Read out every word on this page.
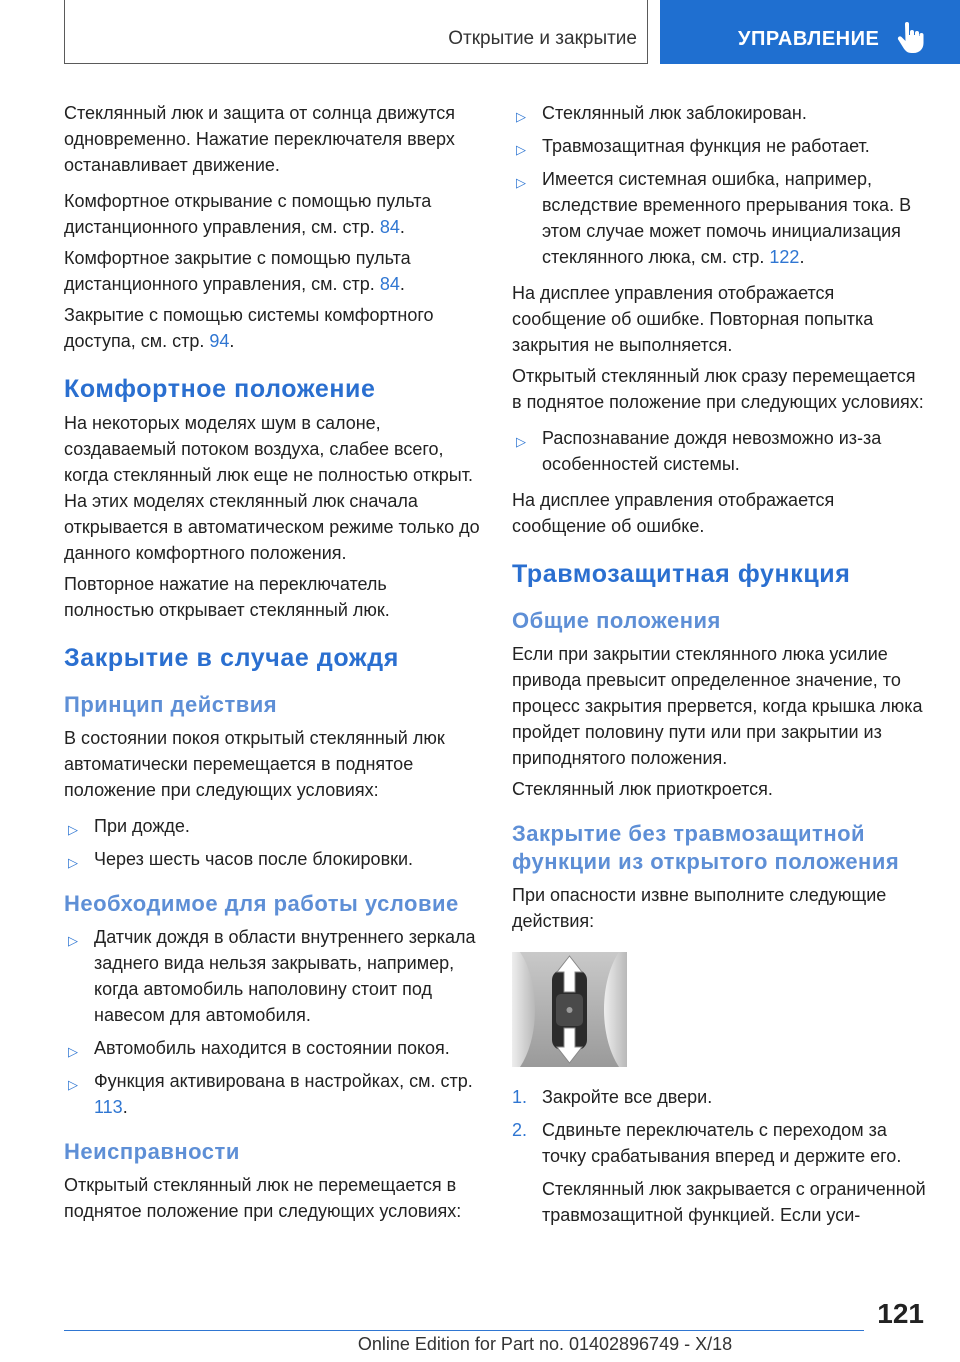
Открытие и закрытие	УПРАВЛЕНИЕ

Стеклянный люк и защита от солнца движутся одновременно. Нажатие переключателя вверх останавливает движение.

Комфортное открывание с помощью пульта дистанционного управления, см. стр. 84.

Комфортное закрытие с помощью пульта дистанционного управления, см. стр. 84.

Закрытие с помощью системы комфортного доступа, см. стр. 94.

Комфортное положение

На некоторых моделях шум в салоне, создаваемый потоком воздуха, слабее всего, когда стеклянный люк еще не полностью открыт. На этих моделях стеклянный люк сначала открывается в автоматическом режиме только до данного комфортного положения.

Повторное нажатие на переключатель полностью открывает стеклянный люк.

Закрытие в случае дождя
Принцип действия

В состоянии покоя открытый стеклянный люк автоматически перемещается в поднятое положение при следующих условиях:

▷ При дожде.
▷ Через шесть часов после блокировки.
Необходимое для работы условие
▷ Датчик дождя в области внутреннего зеркала заднего вида нельзя закрывать, например, когда автомобиль наполовину стоит под навесом для автомобиля.
▷ Автомобиль находится в состоянии покоя.
▷ Функция активирована в настройках, см. стр. 113.
Неисправности

Открытый стеклянный люк не перемещается в поднятое положение при следующих условиях:

▷ Стеклянный люк заблокирован.
▷ Травмозащитная функция не работает.
▷ Имеется системная ошибка, например, вследствие временного прерывания тока. В этом случае может помочь инициализация стеклянного люка, см. стр. 122.

На дисплее управления отображается сообщение об ошибке. Повторная попытка закрытия не выполняется.

Открытый стеклянный люк сразу перемещается в поднятое положение при следующих условиях:

▷ Распознавание дождя невозможно из-за особенностей системы.

На дисплее управления отображается сообщение об ошибке.

Травмозащитная функция
Общие положения

Если при закрытии стеклянного люка усилие привода превысит определенное значение, то процесс закрытия прервется, когда крышка люка пройдет половину пути или при закрытии из приподнятого положения.

Стеклянный люк приоткроется.

Закрытие без травмозащитной функции из открытого положения

При опасности извне выполните следующие действия:

1. Закройте все двери.
2. Сдвиньте переключатель с переходом за точку срабатывания вперед и держите его.

Стеклянный люк закрывается с ограниченной травмозащитной функцией. Если уси-

121
Online Edition for Part no. 01402896749 - X/18
